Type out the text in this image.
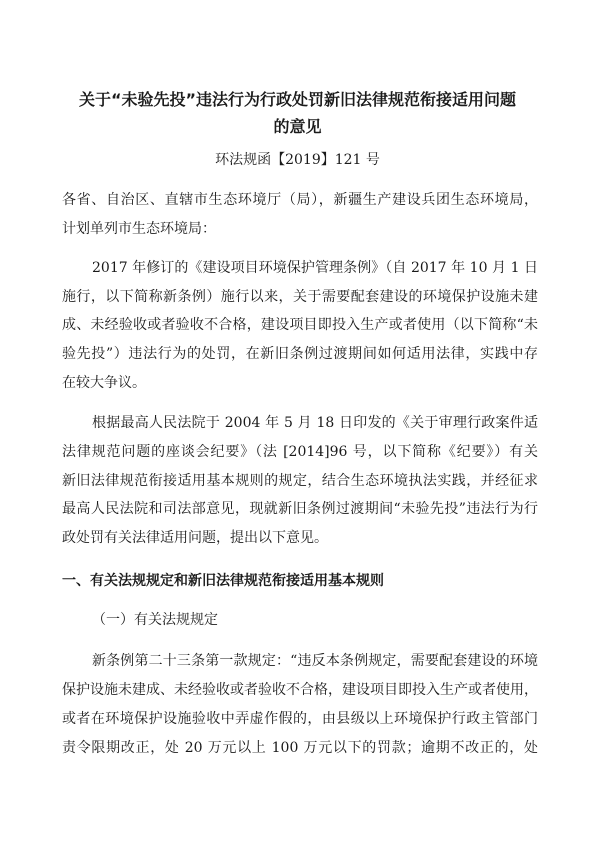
关于“未验先投”违法行为行政处罚新旧法律规范衔接适用问题
的意见
环法规函【2019】121 号
各省、自治区、直辖市生态环境厅（局），新疆生产建设兵团生态环境局，
计划单列市生态环境局：
2017 年修订的《建设项目环境保护管理条例》（自 2017 年 10 月 1 日
施行，以下简称新条例）施行以来，关于需要配套建设的环境保护设施未建
成、未经验收或者验收不合格，建设项目即投入生产或者使用（以下简称“未
验先投”）违法行为的处罚，在新旧条例过渡期间如何适用法律，实践中存
在较大争议。
根据最高人民法院于 2004 年 5 月 18 日印发的《关于审理行政案件适
法律规范问题的座谈会纪要》（法 [2014]96 号，以下简称《纪要》）有关
新旧法律规范衔接适用基本规则的规定，结合生态环境执法实践，并经征求
最高人民法院和司法部意见，现就新旧条例过渡期间“未验先投”违法行为行
政处罚有关法律适用问题，提出以下意见。
一、有关法规规定和新旧法律规范衔接适用基本规则
（一）有关法规规定
新条例第二十三条第一款规定：“违反本条例规定，需要配套建设的环境
保护设施未建成、未经验收或者验收不合格，建设项目即投入生产或者使用，
或者在环境保护设施验收中弄虚作假的，由县级以上环境保护行政主管部门
责令限期改正，处 20 万元以上 100 万元以下的罚款；逾期不改正的，处
